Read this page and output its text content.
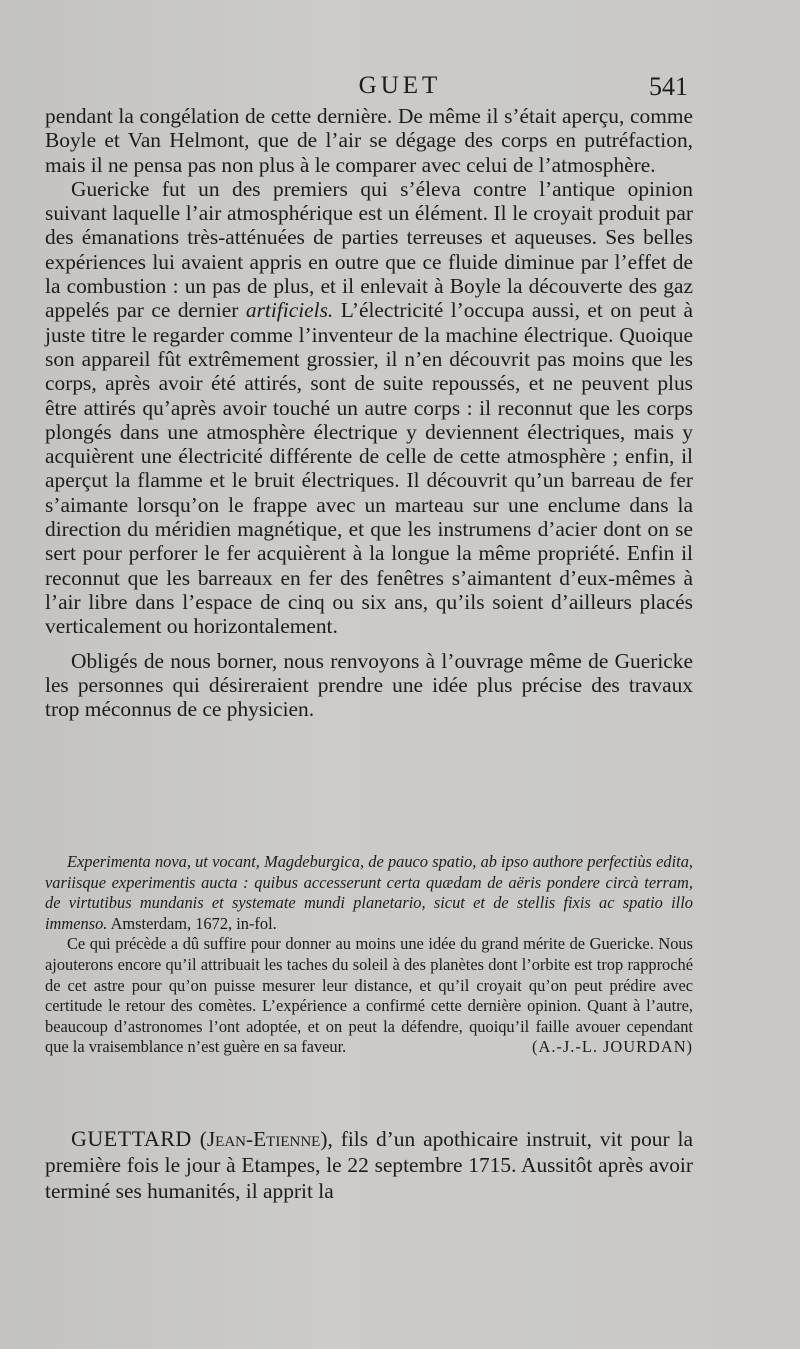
GUET	541

pendant la congélation de cette dernière. De même il s’était aperçu, comme Boyle et Van Helmont, que de l’air se dégage des corps en putréfaction, mais il ne pensa pas non plus à le comparer avec celui de l’atmosphère.

Guericke fut un des premiers qui s’éleva contre l’antique opinion suivant laquelle l’air atmosphérique est un élément. Il le croyait produit par des émanations très-atténuées de parties terreuses et aqueuses. Ses belles expériences lui avaient appris en outre que ce fluide diminue par l’effet de la combustion : un pas de plus, et il enlevait à Boyle la découverte des gaz appelés par ce dernier artificiels. L’électricité l’occupa aussi, et on peut à juste titre le regarder comme l’inventeur de la machine électrique. Quoique son appareil fût extrêmement grossier, il n’en découvrit pas moins que les corps, après avoir été attirés, sont de suite repoussés, et ne peuvent plus être attirés qu’après avoir touché un autre corps : il reconnut que les corps plongés dans une atmosphère électrique y deviennent électriques, mais y acquièrent une électricité différente de celle de cette atmosphère ; enfin, il aperçut la flamme et le bruit électriques. Il découvrit qu’un barreau de fer s’aimante lorsqu’on le frappe avec un marteau sur une enclume dans la direction du méridien magnétique, et que les instrumens d’acier dont on se sert pour perforer le fer acquièrent à la longue la même propriété. Enfin il reconnut que les barreaux en fer des fenêtres s’aimantent d’eux-mêmes à l’air libre dans l’espace de cinq ou six ans, qu’ils soient d’ailleurs placés verticalement ou horizontalement.

Obligés de nous borner, nous renvoyons à l’ouvrage même de Guericke les personnes qui désireraient prendre une idée plus précise des travaux trop méconnus de ce physicien.

Experimenta nova, ut vocant, Magdeburgica, de pauco spatio, ab ipso authore perfectiùs edita, variisque experimentis aucta : quibus accesserunt certa quædam de aëris pondere circà terram, de virtutibus mundanis et systemate mundi planetario, sicut et de stellis fixis ac spatio illo immenso. Amsterdam, 1672, in-fol.

Ce qui précède a dû suffire pour donner au moins une idée du grand mérite de Guericke. Nous ajouterons encore qu’il attribuait les taches du soleil à des planètes dont l’orbite est trop rapproché de cet astre pour qu’on puisse mesurer leur distance, et qu’il croyait qu’on peut prédire avec certitude le retour des comètes. L’expérience a confirmé cette dernière opinion. Quant à l’autre, beaucoup d’astronomes l’ont adoptée, et on peut la défendre, quoiqu’il faille avouer cependant que la vraisemblance n’est guère en sa faveur.	(A.-J.-L. JOURDAN)

GUETTARD (Jean-Etienne), fils d’un apothicaire instruit, vit pour la première fois le jour à Etampes, le 22 septembre 1715. Aussitôt après avoir terminé ses humanités, il apprit la
